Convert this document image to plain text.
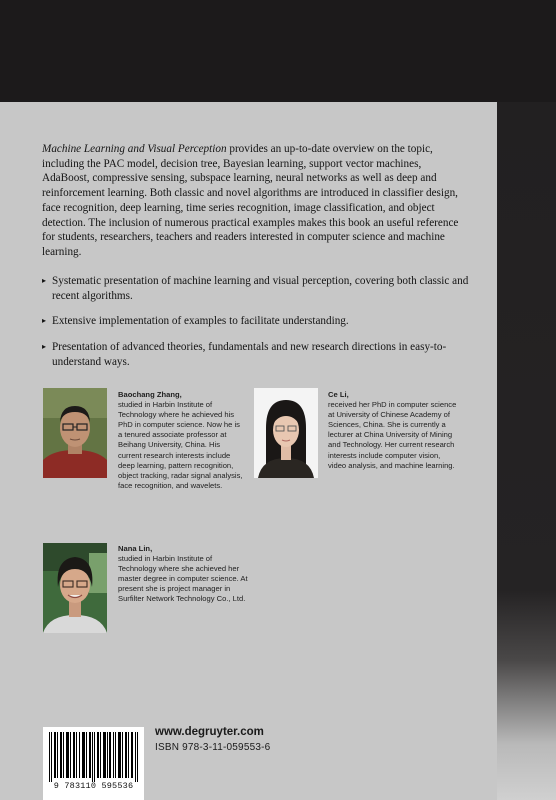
Machine Learning and Visual Perception provides an up-to-date overview on the topic, including the PAC model, decision tree, Bayesian learning, support vector machines, AdaBoost, compressive sensing, subspace learning, neural networks as well as deep and reinforcement learning. Both classic and novel algorithms are introduced in classifier design, face recognition, deep learning, time series recognition, image classification, and object detection. The inclusion of numerous practical examples makes this book an useful reference for students, researchers, teachers and readers interested in computer science and machine learning.

▸ Systematic presentation of machine learning and visual perception, covering both classic and recent algorithms.
▸ Extensive implementation of examples to facilitate understanding.
▸ Presentation of advanced theories, fundamentals and new research directions in easy-to-understand ways.
Baochang Zhang,
studied in Harbin Institute of Technology where he achieved his PhD in computer science. Now he is a tenured associate professor at Beihang University, China. His current research interests include deep learning, pattern recognition, object tracking, radar signal analysis, face recognition, and wavelets.
Ce Li,
received her PhD in computer science at University of Chinese Academy of Sciences, China. She is currently a lecturer at China University of Mining and Technology. Her current research interests include computer vision, video analysis, and machine learning.
Nana Lin,
studied in Harbin Institute of Technology where she achieved her master degree in computer science. At present she is project manager in Surfilter Network Technology Co., Ltd.
www.degruyter.com
ISBN 978-3-11-059553-6
9 783110 595536
